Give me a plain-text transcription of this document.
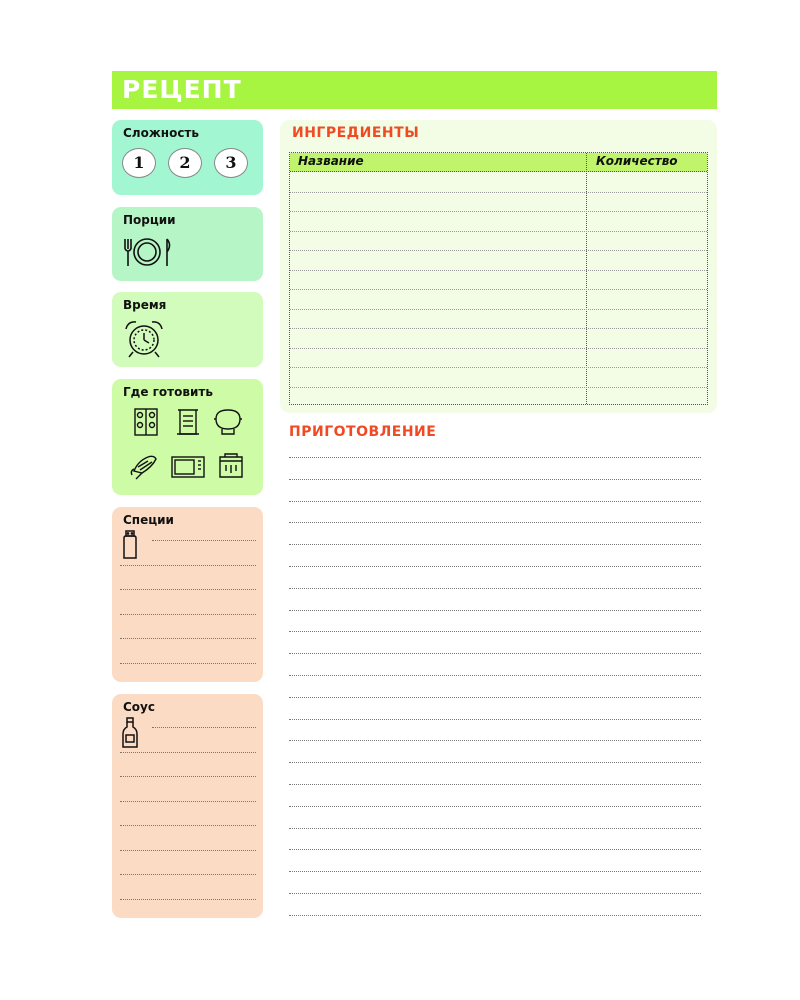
РЕЦЕПТ
Сложность
1	2	3
Порции
Время
Где готовить
Специи
Соус
ИНГРЕДИЕНТЫ
Название	Количество
ПРИГОТОВЛЕНИЕ
